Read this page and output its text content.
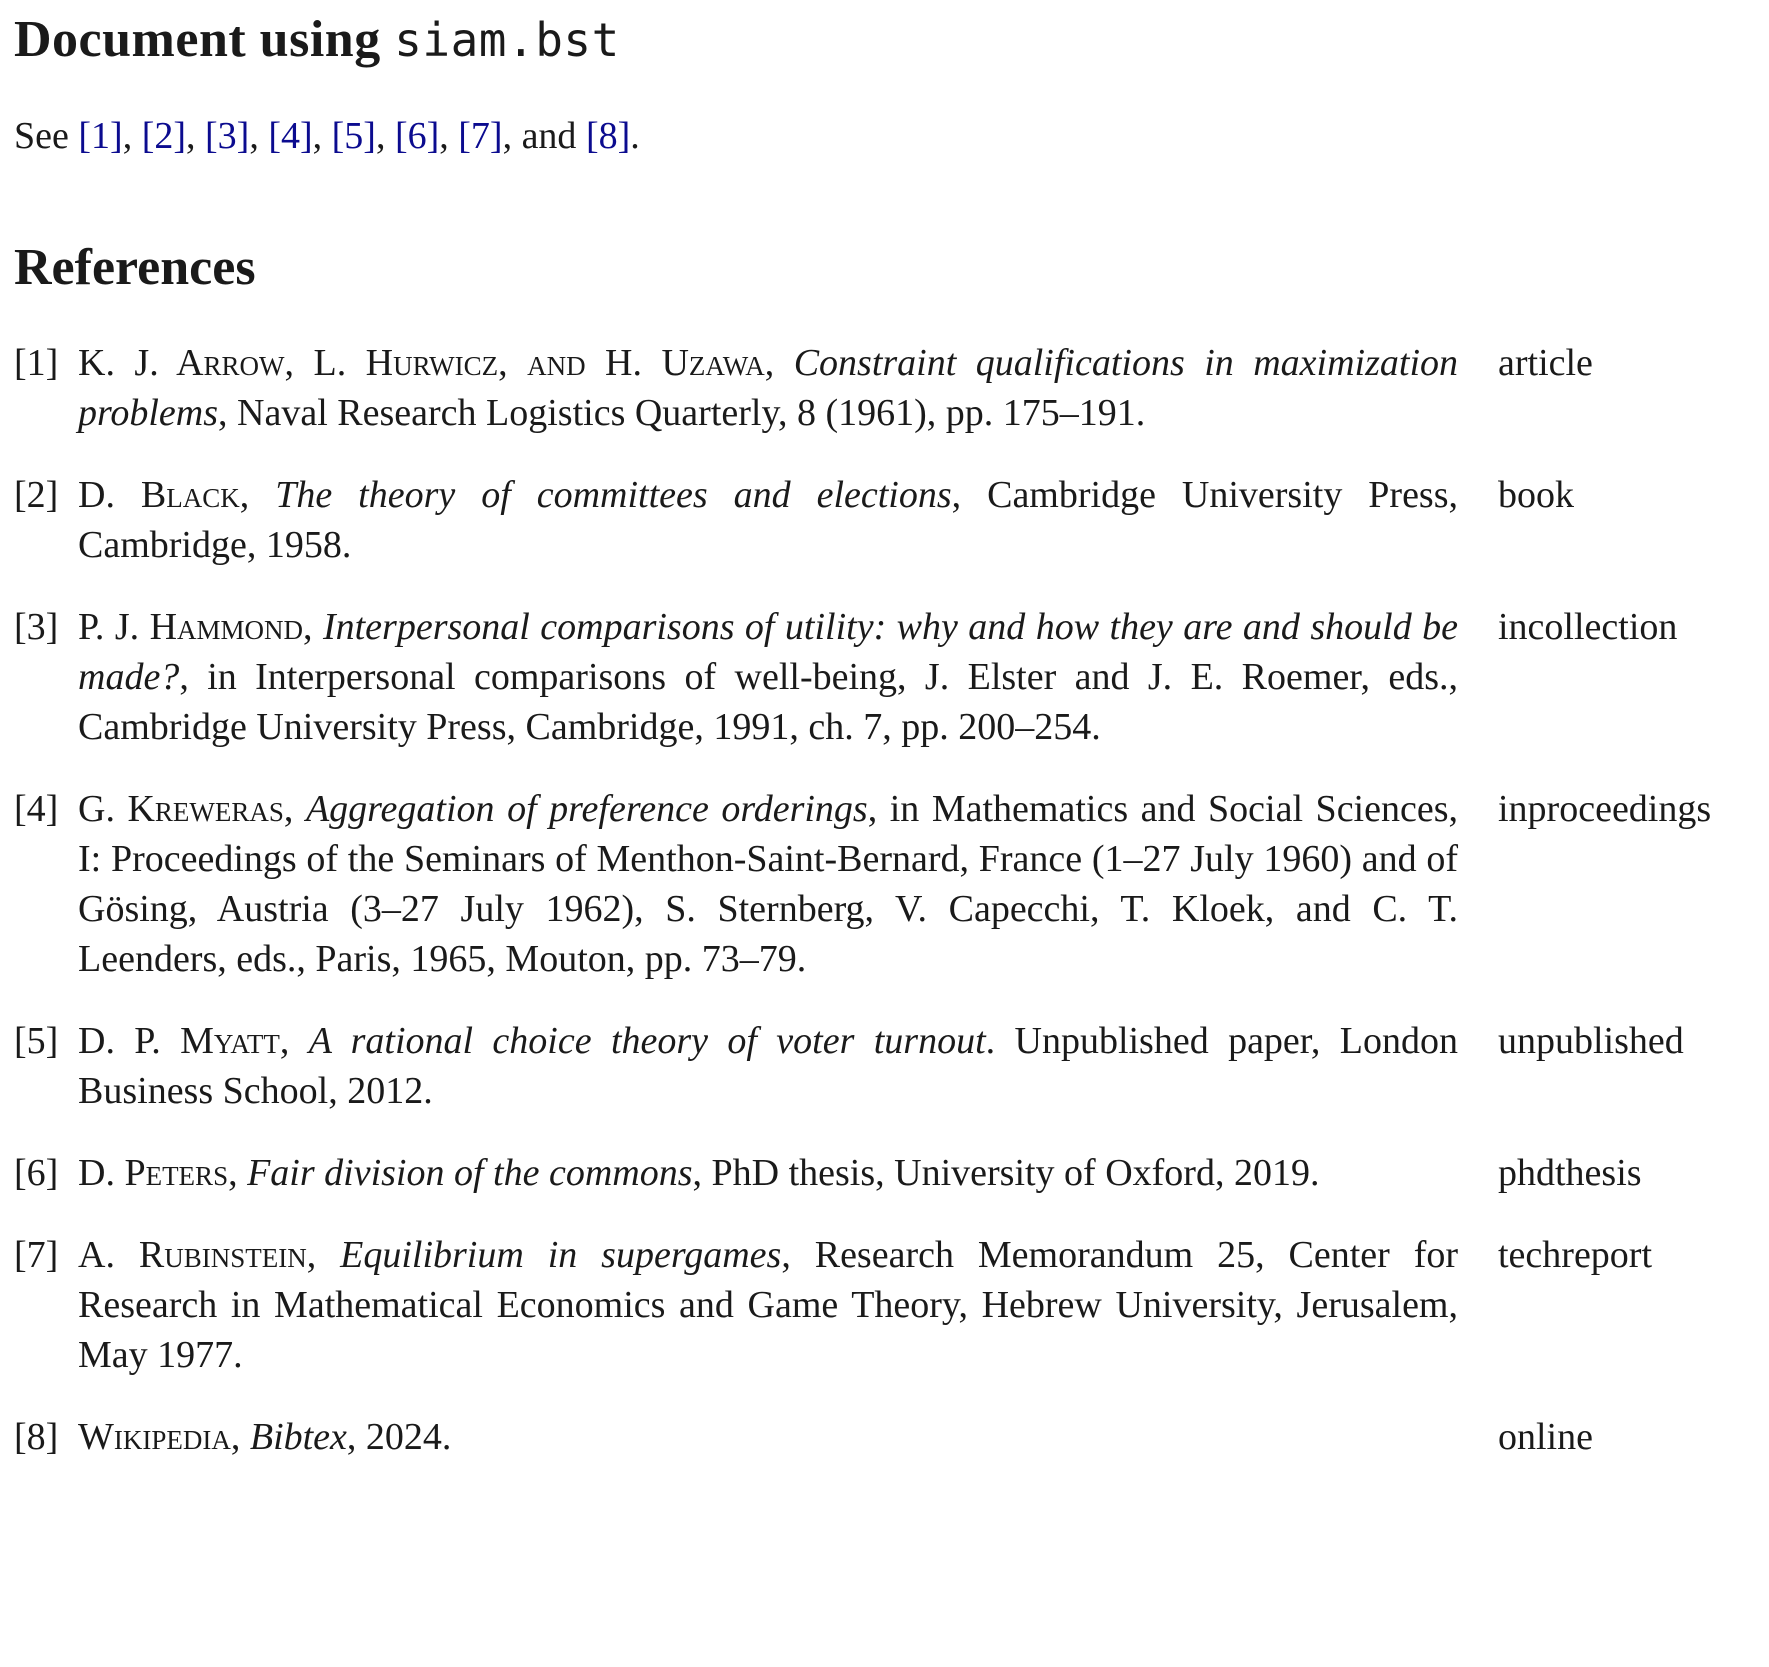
Document using siam.bst

See [1], [2], [3], [4], [5], [6], [7], and [8].

References
[1] K. J. Arrow, L. Hurwicz, and H. Uzawa, Constraint qualifications in maximization problems, Naval Research Logistics Quarterly, 8 (1961), pp. 175–191.
article
[2] D. Black, The theory of committees and elections, Cambridge University Press, Cambridge, 1958.
book
[3] P. J. Hammond, Interpersonal comparisons of utility: why and how they are and should be made?, in Interpersonal comparisons of well-being, J. Elster and J. E. Roemer, eds., Cambridge University Press, Cambridge, 1991, ch. 7, pp. 200–254.
incollection
[4] G. Kreweras, Aggregation of preference orderings, in Mathematics and Social Sciences, I: Proceedings of the Seminars of Menthon-Saint-Bernard, France (1–27 July 1960) and of Gösing, Austria (3–27 July 1962), S. Sternberg, V. Capecchi, T. Kloek, and C. T. Leenders, eds., Paris, 1965, Mouton, pp. 73–79.
inproceedings
[5] D. P. Myatt, A rational choice theory of voter turnout. Unpublished paper, London Business School, 2012.
unpublished
[6] D. Peters, Fair division of the commons, PhD thesis, University of Oxford, 2019.	phdthesis
[7] A. Rubinstein, Equilibrium in supergames, Research Memorandum 25, Center for Research in Mathematical Economics and Game Theory, Hebrew University, Jerusalem, May 1977.
techreport
[8] Wikipedia, Bibtex, 2024.	online
